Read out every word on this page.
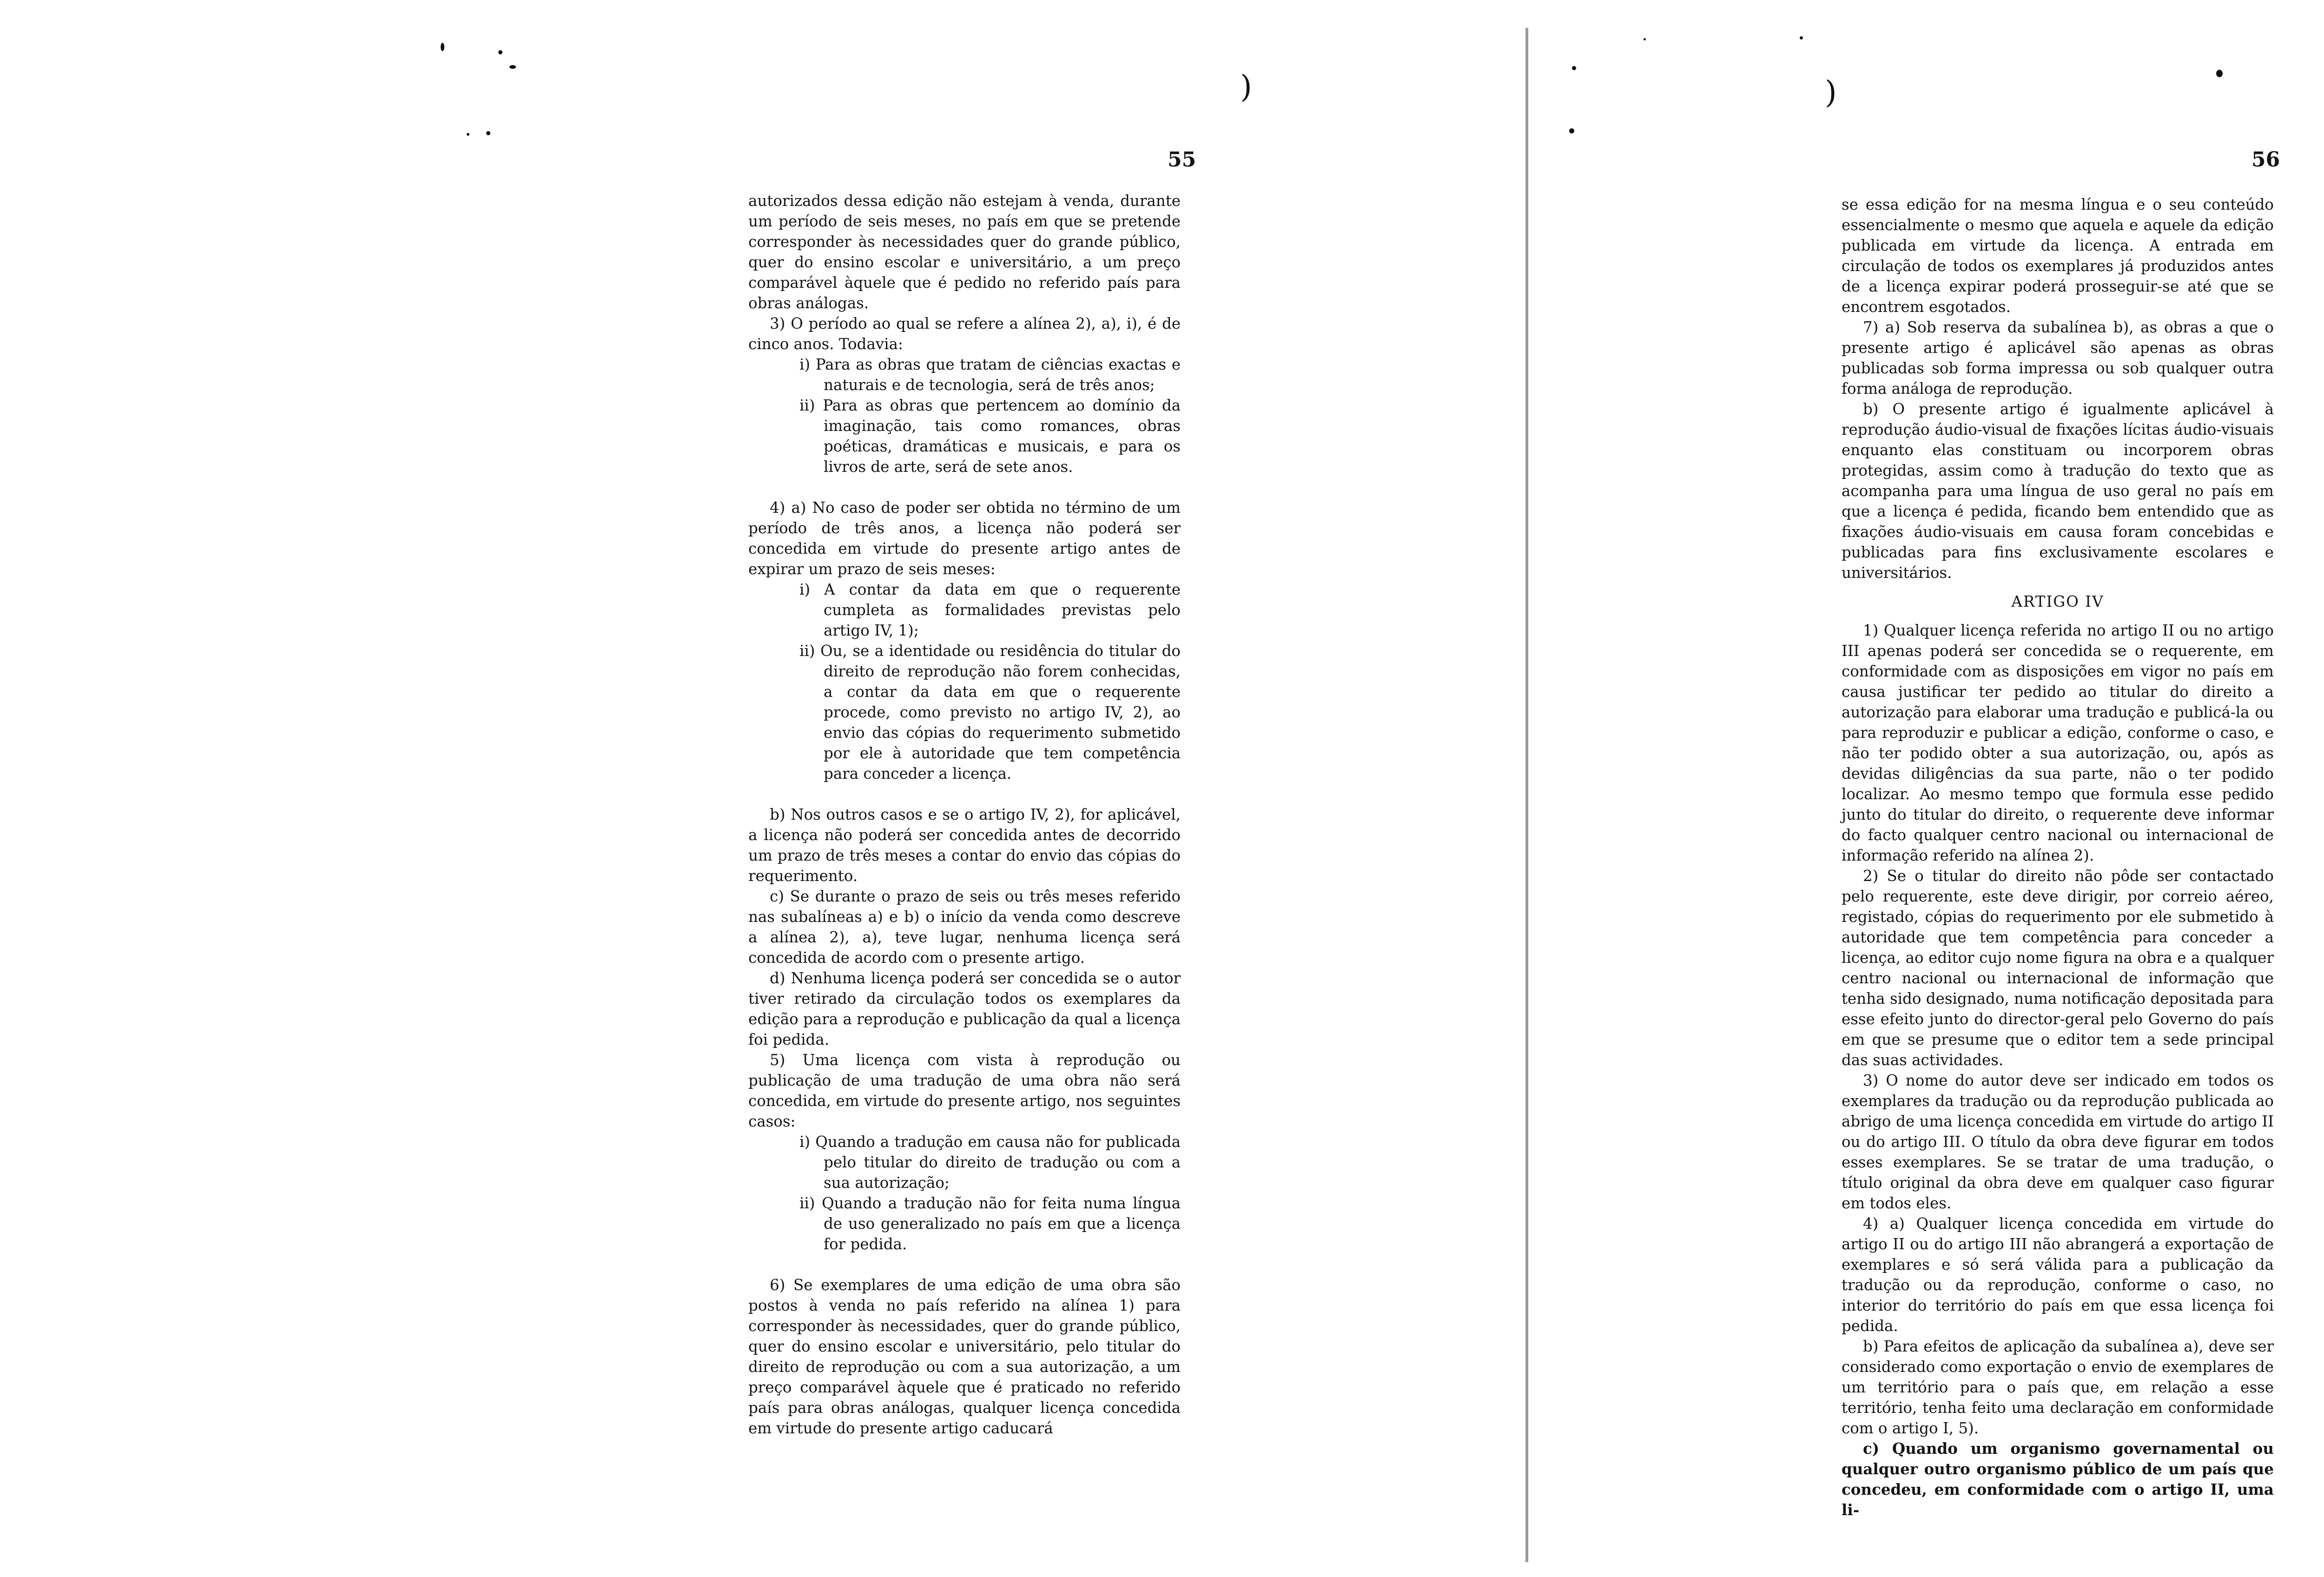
)	)
55	56

autorizados dessa edição não estejam à venda, durante um período de seis meses, no país em que se pretende corresponder às necessidades quer do grande público, quer do ensino escolar e universitário, a um preço comparável àquele que é pedido no referido país para obras análogas.

3) O período ao qual se refere a alínea 2), a), i), é de cinco anos. Todavia:

i) Para as obras que tratam de ciências exactas e naturais e de tecnologia, será de três anos;

ii) Para as obras que pertencem ao domínio da imaginação, tais como romances, obras poéticas, dramáticas e musicais, e para os livros de arte, será de sete anos.

4) a) No caso de poder ser obtida no término de um período de três anos, a licença não poderá ser concedida em virtude do presente artigo antes de expirar um prazo de seis meses:

i) A contar da data em que o requerente cumpleta as formalidades previstas pelo artigo IV, 1);

ii) Ou, se a identidade ou residência do titular do direito de reprodução não forem conhecidas, a contar da data em que o requerente procede, como previsto no artigo IV, 2), ao envio das cópias do requerimento submetido por ele à autoridade que tem competência para conceder a licença.

b) Nos outros casos e se o artigo IV, 2), for aplicável, a licença não poderá ser concedida antes de decorrido um prazo de três meses a contar do envio das cópias do requerimento.

c) Se durante o prazo de seis ou três meses referido nas subalíneas a) e b) o início da venda como descreve a alínea 2), a), teve lugar, nenhuma licença será concedida de acordo com o presente artigo.

d) Nenhuma licença poderá ser concedida se o autor tiver retirado da circulação todos os exemplares da edição para a reprodução e publicação da qual a licença foi pedida.

5) Uma licença com vista à reprodução ou publicação de uma tradução de uma obra não será concedida, em virtude do presente artigo, nos seguintes casos:

i) Quando a tradução em causa não for publicada pelo titular do direito de tradução ou com a sua autorização;

ii) Quando a tradução não for feita numa língua de uso generalizado no país em que a licença for pedida.

6) Se exemplares de uma edição de uma obra são postos à venda no país referido na alínea 1) para corresponder às necessidades, quer do grande público, quer do ensino escolar e universitário, pelo titular do direito de reprodução ou com a sua autorização, a um preço comparável àquele que é praticado no referido país para obras análogas, qualquer licença concedida em virtude do presente artigo caducará

se essa edição for na mesma língua e o seu conteúdo essencialmente o mesmo que aquela e aquele da edição publicada em virtude da licença. A entrada em circulação de todos os exemplares já produzidos antes de a licença expirar poderá prosseguir-se até que se encontrem esgotados.

7) a) Sob reserva da subalínea b), as obras a que o presente artigo é aplicável são apenas as obras publicadas sob forma impressa ou sob qualquer outra forma análoga de reprodução.

b) O presente artigo é igualmente aplicável à reprodução áudio-visual de fixações lícitas áudio-visuais enquanto elas constituam ou incorporem obras protegidas, assim como à tradução do texto que as acompanha para uma língua de uso geral no país em que a licença é pedida, ficando bem entendido que as fixações áudio-visuais em causa foram concebidas e publicadas para fins exclusivamente escolares e universitários.

ARTIGO IV

1) Qualquer licença referida no artigo II ou no artigo III apenas poderá ser concedida se o requerente, em conformidade com as disposições em vigor no país em causa justificar ter pedido ao titular do direito a autorização para elaborar uma tradução e publicá-la ou para reproduzir e publicar a edição, conforme o caso, e não ter podido obter a sua autorização, ou, após as devidas diligências da sua parte, não o ter podido localizar. Ao mesmo tempo que formula esse pedido junto do titular do direito, o requerente deve informar do facto qualquer centro nacional ou internacional de informação referido na alínea 2).

2) Se o titular do direito não pôde ser contactado pelo requerente, este deve dirigir, por correio aéreo, registado, cópias do requerimento por ele submetido à autoridade que tem competência para conceder a licença, ao editor cujo nome figura na obra e a qualquer centro nacional ou internacional de informação que tenha sido designado, numa notificação depositada para esse efeito junto do director-geral pelo Governo do país em que se presume que o editor tem a sede principal das suas actividades.

3) O nome do autor deve ser indicado em todos os exemplares da tradução ou da reprodução publicada ao abrigo de uma licença concedida em virtude do artigo II ou do artigo III. O título da obra deve figurar em todos esses exemplares. Se se tratar de uma tradução, o título original da obra deve em qualquer caso figurar em todos eles.

4) a) Qualquer licença concedida em virtude do artigo II ou do artigo III não abrangerá a exportação de exemplares e só será válida para a publicação da tradução ou da reprodução, conforme o caso, no interior do território do país em que essa licença foi pedida.

b) Para efeitos de aplicação da subalínea a), deve ser considerado como exportação o envio de exemplares de um território para o país que, em relação a esse território, tenha feito uma declaração em conformidade com o artigo I, 5).

c) Quando um organismo governamental ou qualquer outro organismo público de um país que concedeu, em conformidade com o artigo II, uma li-
